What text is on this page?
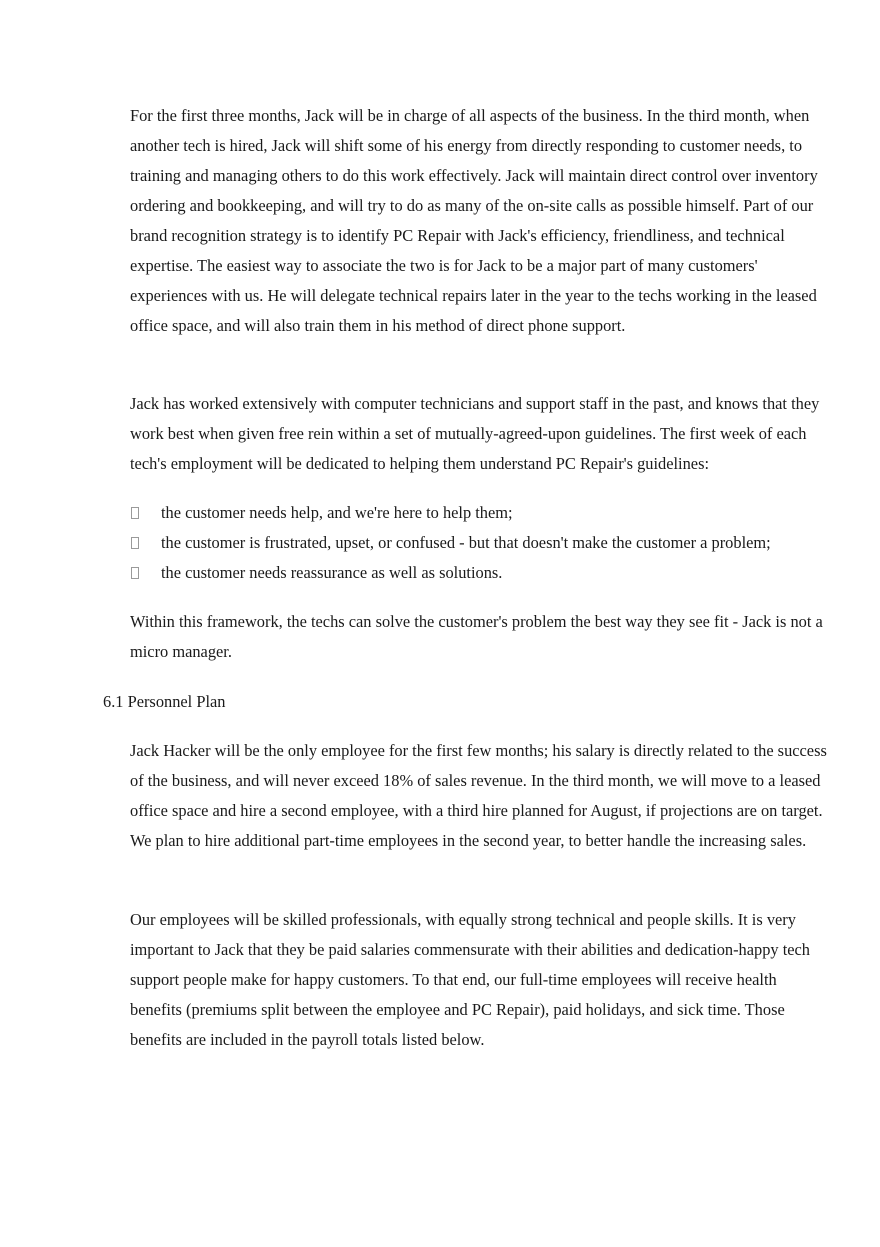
For the first three months, Jack will be in charge of all aspects of the business. In the third month, when another tech is hired, Jack will shift some of his energy from directly responding to customer needs, to training and managing others to do this work effectively. Jack will maintain direct control over inventory ordering and bookkeeping, and will try to do as many of the on-site calls as possible himself. Part of our brand recognition strategy is to identify PC Repair with Jack's efficiency, friendliness, and technical expertise. The easiest way to associate the two is for Jack to be a major part of many customers' experiences with us. He will delegate technical repairs later in the year to the techs working in the leased office space, and will also train them in his method of direct phone support.

Jack has worked extensively with computer technicians and support staff in the past, and knows that they work best when given free rein within a set of mutually-agreed-upon guidelines. The first week of each tech's employment will be dedicated to helping them understand PC Repair's guidelines:

the customer needs help, and we're here to help them;
the customer is frustrated, upset, or confused - but that doesn't make the customer a problem;
the customer needs reassurance as well as solutions.

Within this framework, the techs can solve the customer's problem the best way they see fit - Jack is not a micro manager.

6.1 Personnel Plan

Jack Hacker will be the only employee for the first few months; his salary is directly related to the success of the business, and will never exceed 18% of sales revenue. In the third month, we will move to a leased office space and hire a second employee, with a third hire planned for August, if projections are on target. We plan to hire additional part-time employees in the second year, to better handle the increasing sales.

Our employees will be skilled professionals, with equally strong technical and people skills. It is very important to Jack that they be paid salaries commensurate with their abilities and dedication-happy tech support people make for happy customers. To that end, our full-time employees will receive health benefits (premiums split between the employee and PC Repair), paid holidays, and sick time. Those benefits are included in the payroll totals listed below.
